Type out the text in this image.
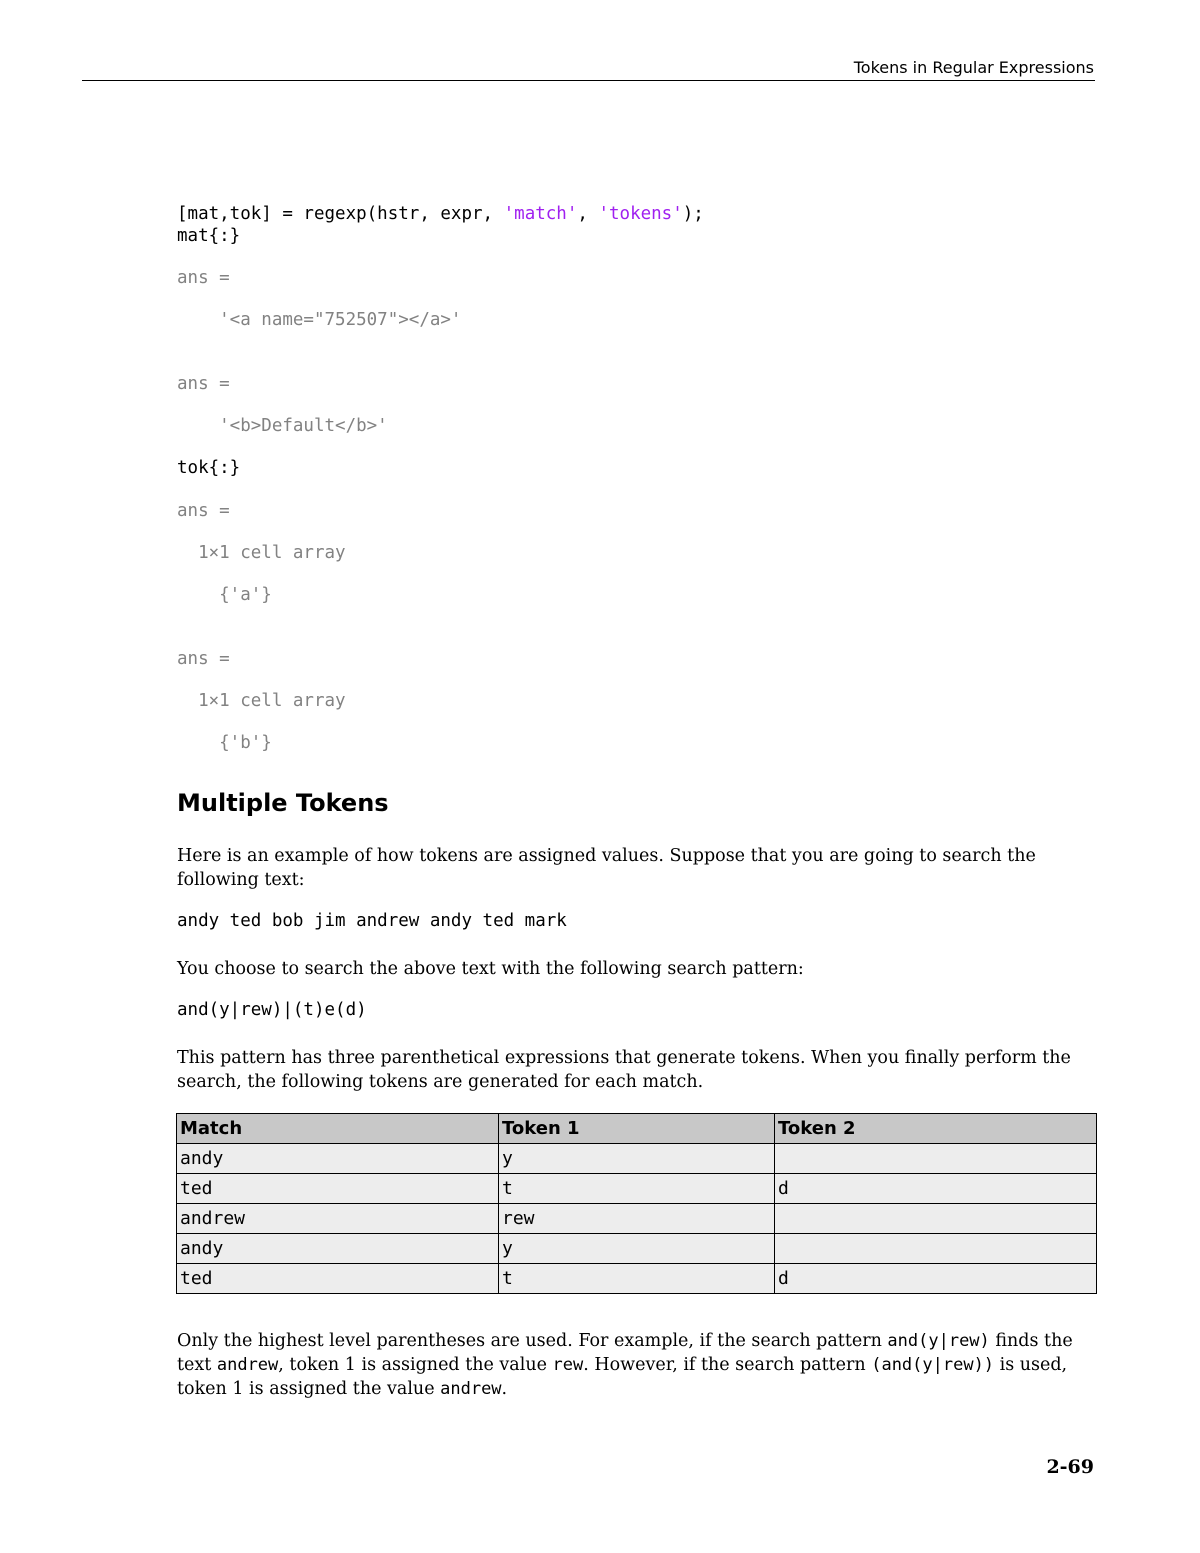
Tokens in Regular Expressions
[mat,tok] = regexp(hstr, expr, 'match', 'tokens');
mat{:}
ans =
'<a name="752507"></a>'
ans =
'<b>Default</b>'
tok{:}
ans =
1×1 cell array
{'a'}
ans =
1×1 cell array
{'b'}
Multiple Tokens
Here is an example of how tokens are assigned values. Suppose that you are going to search the following text:
andy ted bob jim andrew andy ted mark
You choose to search the above text with the following search pattern:
and(y|rew)|(t)e(d)
This pattern has three parenthetical expressions that generate tokens. When you finally perform the search, the following tokens are generated for each match.
Match	Token 1	Token 2
andy	y	
ted	t	d
andrew	rew	
andy	y	
ted	t	d
Only the highest level parentheses are used. For example, if the search pattern and(y|rew) finds the text andrew, token 1 is assigned the value rew. However, if the search pattern (and(y|rew)) is used, token 1 is assigned the value andrew.
2-69
